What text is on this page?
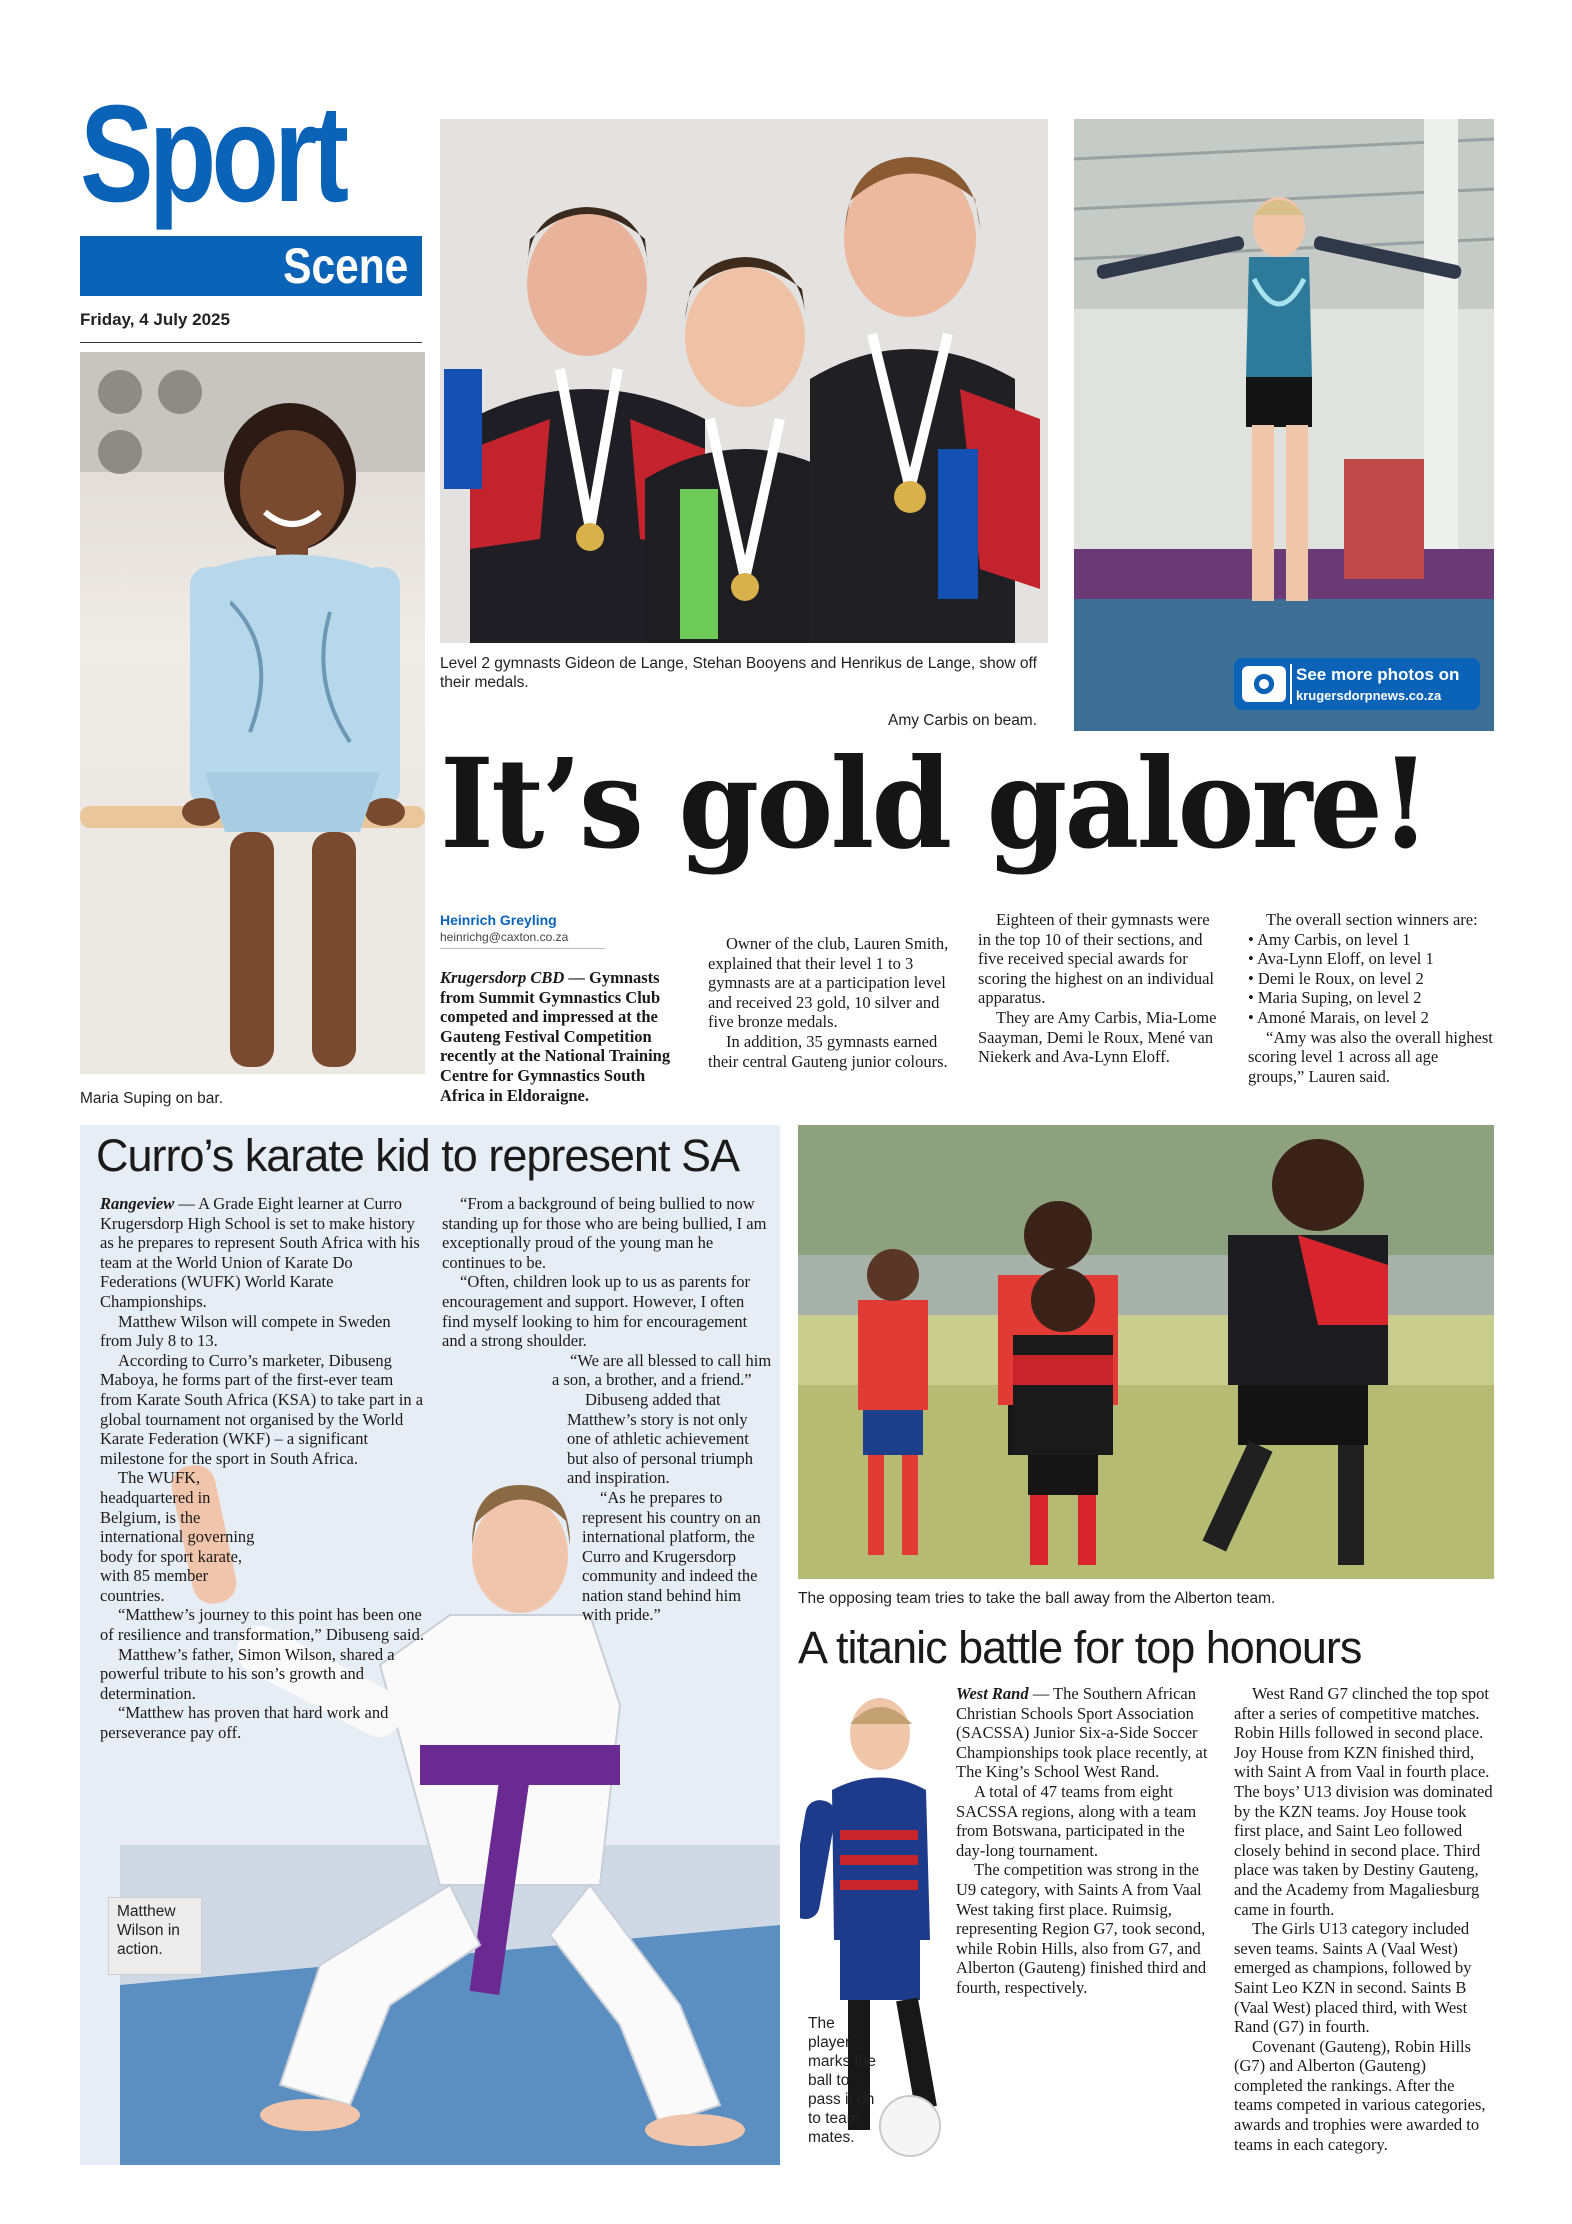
Sport
Scene
Friday, 4 July 2025
Maria Suping on bar.
Level 2 gymnasts Gideon de Lange, Stehan Booyens and Henrikus de Lange, show off their medals.
Amy Carbis on beam.
See more photos on
krugersdorpnews.co.za
It’s gold galore!
Heinrich Greyling
heinrichg@caxton.co.za

Krugersdorp CBD — Gymnasts from Summit Gymnastics Club competed and impressed at the Gauteng Festival Competition recently at the National Training Centre for Gymnastics South Africa in Eldoraigne.

Owner of the club, Lauren Smith, explained that their level 1 to 3 gymnasts are at a participation level and received 23 gold, 10 silver and five bronze medals.

In addition, 35 gymnasts earned their central Gauteng junior colours.

Eighteen of their gymnasts were in the top 10 of their sections, and five received special awards for scoring the highest on an individual apparatus.

They are Amy Carbis, Mia-Lome Saayman, Demi le Roux, Mené van Niekerk and Ava-Lynn Eloff.

The overall section winners are:

• Amy Carbis, on level 1
• Ava-Lynn Eloff, on level 1
• Demi le Roux, on level 2
• Maria Suping, on level 2
• Amoné Marais, on level 2

“Amy was also the overall highest scoring level 1 across all age groups,” Lauren said.

Curro’s karate kid to represent SA

Rangeview — A Grade Eight learner at Curro Krugersdorp High School is set to make history as he prepares to represent South Africa with his team at the World Union of Karate Do Federations (WUFK) World Karate Championships.

Matthew Wilson will compete in Sweden from July 8 to 13.

According to Curro’s marketer, Dibuseng Maboya, he forms part of the first-ever team from Karate South Africa (KSA) to take part in a global tournament not organised by the World Karate Federation (WKF) – a significant milestone for the sport in South Africa.

The WUFK, headquartered in Belgium, is the international governing body for sport karate, with 85 member countries.

“Matthew’s journey to this point has been one of resilience and transformation,” Dibuseng said.

Matthew’s father, Simon Wilson, shared a powerful tribute to his son’s growth and determination.

“Matthew has proven that hard work and perseverance pay off.

“From a background of being bullied to now standing up for those who are being bullied, I am exceptionally proud of the young man he continues to be.

“Often, children look up to us as parents for encouragement and support. However, I often find myself looking to him for encouragement and a strong shoulder.

“We are all blessed to call him a son, a brother, and a friend.”

Dibuseng added that Matthew’s story is not only one of athletic achievement but also of personal triumph and inspiration.

“As he prepares to represent his country on an international platform, the Curro and Krugersdorp community and indeed the nation stand behind him with pride.”

Matthew Wilson in action.
The opposing team tries to take the ball away from the Alberton team.
A titanic battle for top honours
The player marks the ball to pass it on to team mates.

West Rand — The Southern African Christian Schools Sport Association (SACSSA) Junior Six-a-Side Soccer Championships took place recently, at The King’s School West Rand.

A total of 47 teams from eight SACSSA regions, along with a team from Botswana, participated in the day-long tournament.

The competition was strong in the U9 category, with Saints A from Vaal West taking first place. Ruimsig, representing Region G7, took second, while Robin Hills, also from G7, and Alberton (Gauteng) finished third and fourth, respectively.

West Rand G7 clinched the top spot after a series of competitive matches. Robin Hills followed in second place. Joy House from KZN finished third, with Saint A from Vaal in fourth place. The boys’ U13 division was dominated by the KZN teams. Joy House took first place, and Saint Leo followed closely behind in second place. Third place was taken by Destiny Gauteng, and the Academy from Magaliesburg came in fourth.

The Girls U13 category included seven teams. Saints A (Vaal West) emerged as champions, followed by Saint Leo KZN in second. Saints B (Vaal West) placed third, with West Rand (G7) in fourth.

Covenant (Gauteng), Robin Hills (G7) and Alberton (Gauteng) completed the rankings. After the teams competed in various categories, awards and trophies were awarded to teams in each category.
